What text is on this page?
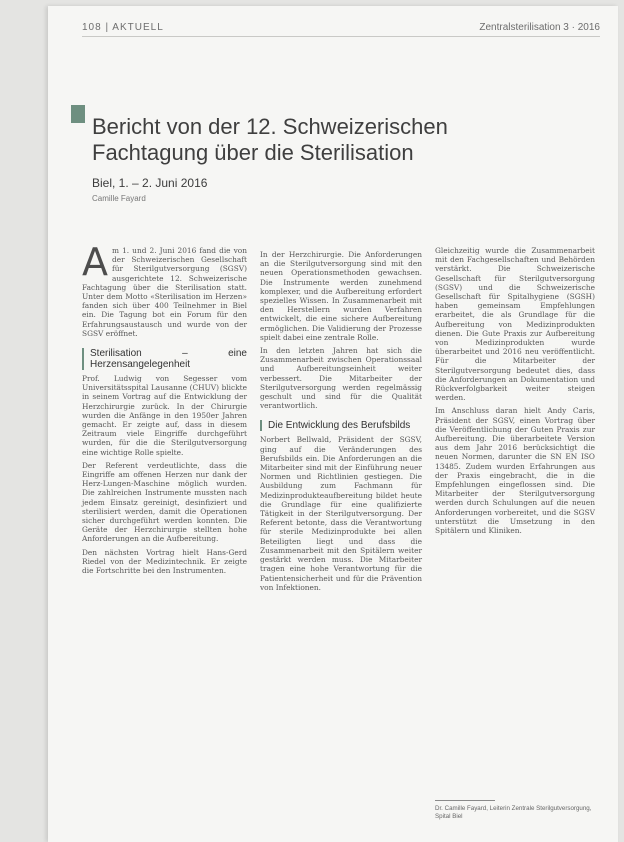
108 | AKTUELL	Zentralsterilisation 3 · 2016
Bericht von der 12. Schweizerischen Fachtagung über die Sterilisation
Biel, 1. – 2. Juni 2016
Camille Fayard

Am 1. und 2. Juni 2016 fand die von der Schweizerischen Gesellschaft für Sterilgutversorgung (SGSV) ausgerichtete 12. Schweizerische Fachtagung über die Sterilisation statt. Unter dem Motto «Sterilisation im Herzen» fanden sich über 400 Teilnehmer in Biel ein. Die Tagung bot ein Forum für den Erfahrungsaustausch und wurde von der SGSV eröffnet.

Sterilisation – eine Herzensangelegenheit

Prof. Ludwig von Segesser vom Universitätsspital Lausanne (CHUV) blickte in seinem Vortrag auf die Entwicklung der Herzchirurgie zurück. In der Chirurgie wurden die Anfänge in den 1950er Jahren gemacht. Er zeigte auf, dass in diesem Zeitraum viele Eingriffe durchgeführt wurden, für die die Sterilgutversorgung eine wichtige Rolle spielte.

Der Referent verdeutlichte, dass die Eingriffe am offenen Herzen nur dank der Herz-Lungen-Maschine möglich wurden. Die zahlreichen Instrumente mussten nach jedem Einsatz gereinigt, desinfiziert und sterilisiert werden, damit die Operationen sicher durchgeführt werden konnten. Die Geräte der Herzchirurgie stellten hohe Anforderungen an die Aufbereitung.

Den nächsten Vortrag hielt Hans-Gerd Riedel von der Medizintechnik. Er zeigte die Fortschritte bei den Instrumenten.

In der Herzchirurgie. Die Anforderungen an die Sterilgutversorgung sind mit den neuen Operationsmethoden gewachsen. Die Instrumente werden zunehmend komplexer, und die Aufbereitung erfordert spezielles Wissen. In Zusammenarbeit mit den Herstellern wurden Verfahren entwickelt, die eine sichere Aufbereitung ermöglichen. Die Validierung der Prozesse spielt dabei eine zentrale Rolle.

In den letzten Jahren hat sich die Zusammenarbeit zwischen Operationssaal und Aufbereitungseinheit weiter verbessert. Die Mitarbeiter der Sterilgutversorgung werden regelmässig geschult und sind für die Qualität verantwortlich.

Die Entwicklung des Berufsbilds

Norbert Bellwald, Präsident der SGSV, ging auf die Veränderungen des Berufsbilds ein. Die Anforderungen an die Mitarbeiter sind mit der Einführung neuer Normen und Richtlinien gestiegen. Die Ausbildung zum Fachmann für Medizinprodukteaufbereitung bildet heute die Grundlage für eine qualifizierte Tätigkeit in der Sterilgutversorgung. Der Referent betonte, dass die Verantwortung für sterile Medizinprodukte bei allen Beteiligten liegt und dass die Zusammenarbeit mit den Spitälern weiter gestärkt werden muss. Die Mitarbeiter tragen eine hohe Verantwortung für die Patientensicherheit und für die Prävention von Infektionen.

Gleichzeitig wurde die Zusammenarbeit mit den Fachgesellschaften und Behörden verstärkt. Die Schweizerische Gesellschaft für Sterilgutversorgung (SGSV) und die Schweizerische Gesellschaft für Spitalhygiene (SGSH) haben gemeinsam Empfehlungen erarbeitet, die als Grundlage für die Aufbereitung von Medizinprodukten dienen. Die Gute Praxis zur Aufbereitung von Medizinprodukten wurde überarbeitet und 2016 neu veröffentlicht. Für die Mitarbeiter der Sterilgutversorgung bedeutet dies, dass die Anforderungen an Dokumentation und Rückverfolgbarkeit weiter steigen werden.

Im Anschluss daran hielt Andy Caris, Präsident der SGSV, einen Vortrag über die Veröffentlichung der Guten Praxis zur Aufbereitung. Die überarbeitete Version aus dem Jahr 2016 berücksichtigt die neuen Normen, darunter die SN EN ISO 13485. Zudem wurden Erfahrungen aus der Praxis eingebracht, die in die Empfehlungen eingeflossen sind. Die Mitarbeiter der Sterilgutversorgung werden durch Schulungen auf die neuen Anforderungen vorbereitet, und die SGSV unterstützt die Umsetzung in den Spitälern und Kliniken.

Dr. Camille Fayard, Leiterin Zentrale Sterilgutversorgung, Spital Biel
